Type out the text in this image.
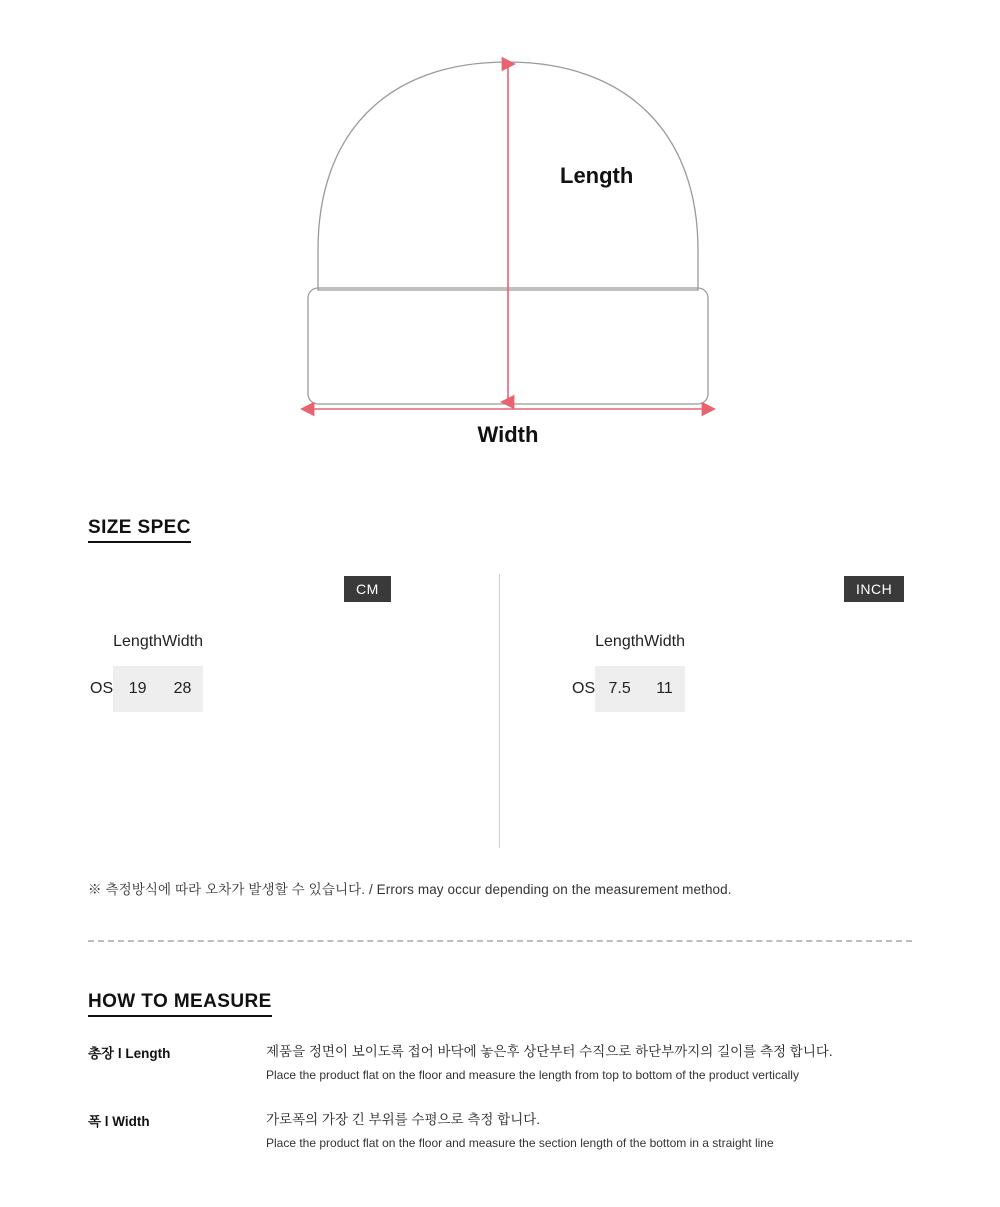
Length
Width
SIZE SPEC
CM
	Length	Width
OS	19	28
INCH
	Length	Width
OS	7.5	11
※ 측정방식에 따라 오차가 발생할 수 있습니다. / Errors may occur depending on the measurement method.
HOW TO MEASURE
총장 l Length	제품을 정면이 보이도록 접어 바닥에 놓은후 상단부터 수직으로 하단부까지의 길이를 측정 합니다.
Place the product flat on the floor and measure the length from top to bottom of the product vertically
폭 l Width	가로폭의 가장 긴 부위를 수평으로 측정 합니다.
Place the product flat on the floor and measure the section length of the bottom in a straight line
